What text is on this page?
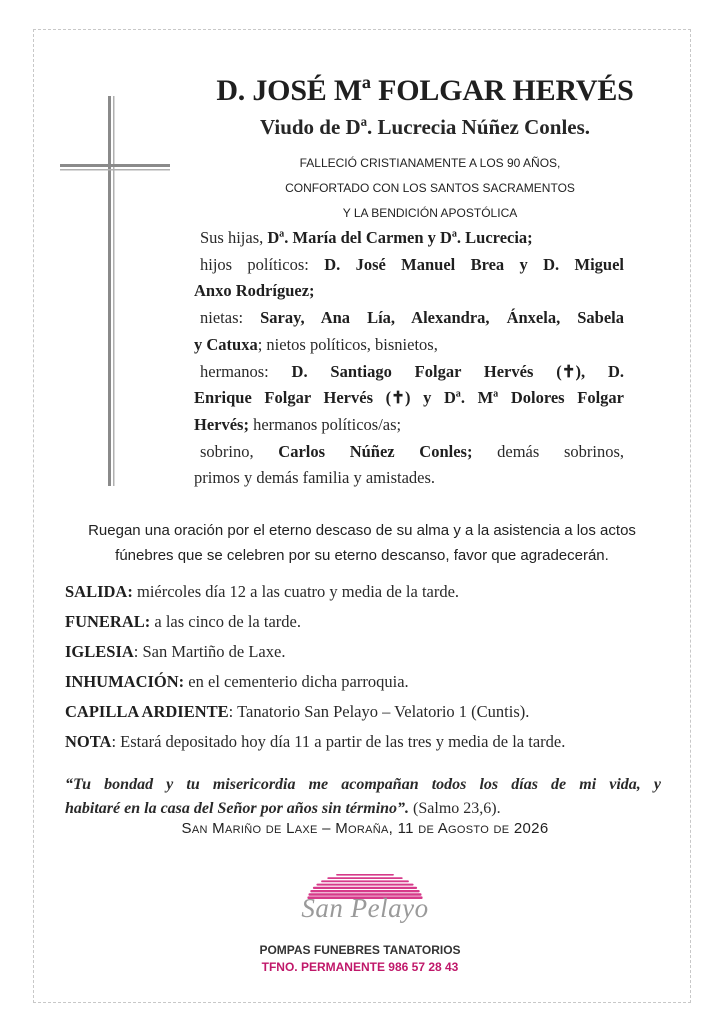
D. JOSÉ Mª FOLGAR HERVÉS
Viudo de Dª. Lucrecia Núñez Conles.
FALLECIÓ CRISTIANAMENTE A LOS 90 AÑOS,
CONFORTADO CON LOS SANTOS SACRAMENTOS
Y LA BENDICIÓN APOSTÓLICA
Sus hijas, Dª. María del Carmen y Dª. Lucrecia;
hijos políticos: D. José Manuel Brea y D. Miguel
Anxo Rodríguez;
nietas: Saray, Ana Lía, Alexandra, Ánxela, Sabela
y Catuxa; nietos políticos, bisnietos,
hermanos: D. Santiago Folgar Hervés (✝), D.
Enrique Folgar Hervés (✝) y Dª. Mª Dolores Folgar
Hervés; hermanos políticos/as;
sobrino, Carlos Núñez Conles; demás sobrinos,
primos y demás familia y amistades.
Ruegan una oración por el eterno descaso de su alma y a la asistencia a los actos
fúnebres que se celebren por su eterno descanso, favor que agradecerán.
SALIDA: miércoles día 12 a las cuatro y media de la tarde.
FUNERAL: a las cinco de la tarde.
IGLESIA: San Martiño de Laxe.
INHUMACIÓN: en el cementerio dicha parroquia.
CAPILLA ARDIENTE: Tanatorio San Pelayo – Velatorio 1 (Cuntis).
NOTA: Estará depositado hoy día 11 a partir de las tres y media de la tarde.
“Tu bondad y tu misericordia me acompañan todos los días de mi vida, y
habitaré en la casa del Señor por años sin término”. (Salmo 23,6).
San Mariño de Laxe – Moraña, 11 de Agosto de 2026
San Pelayo
POMPAS FUNEBRES TANATORIOS
TFNO. PERMANENTE 986 57 28 43
